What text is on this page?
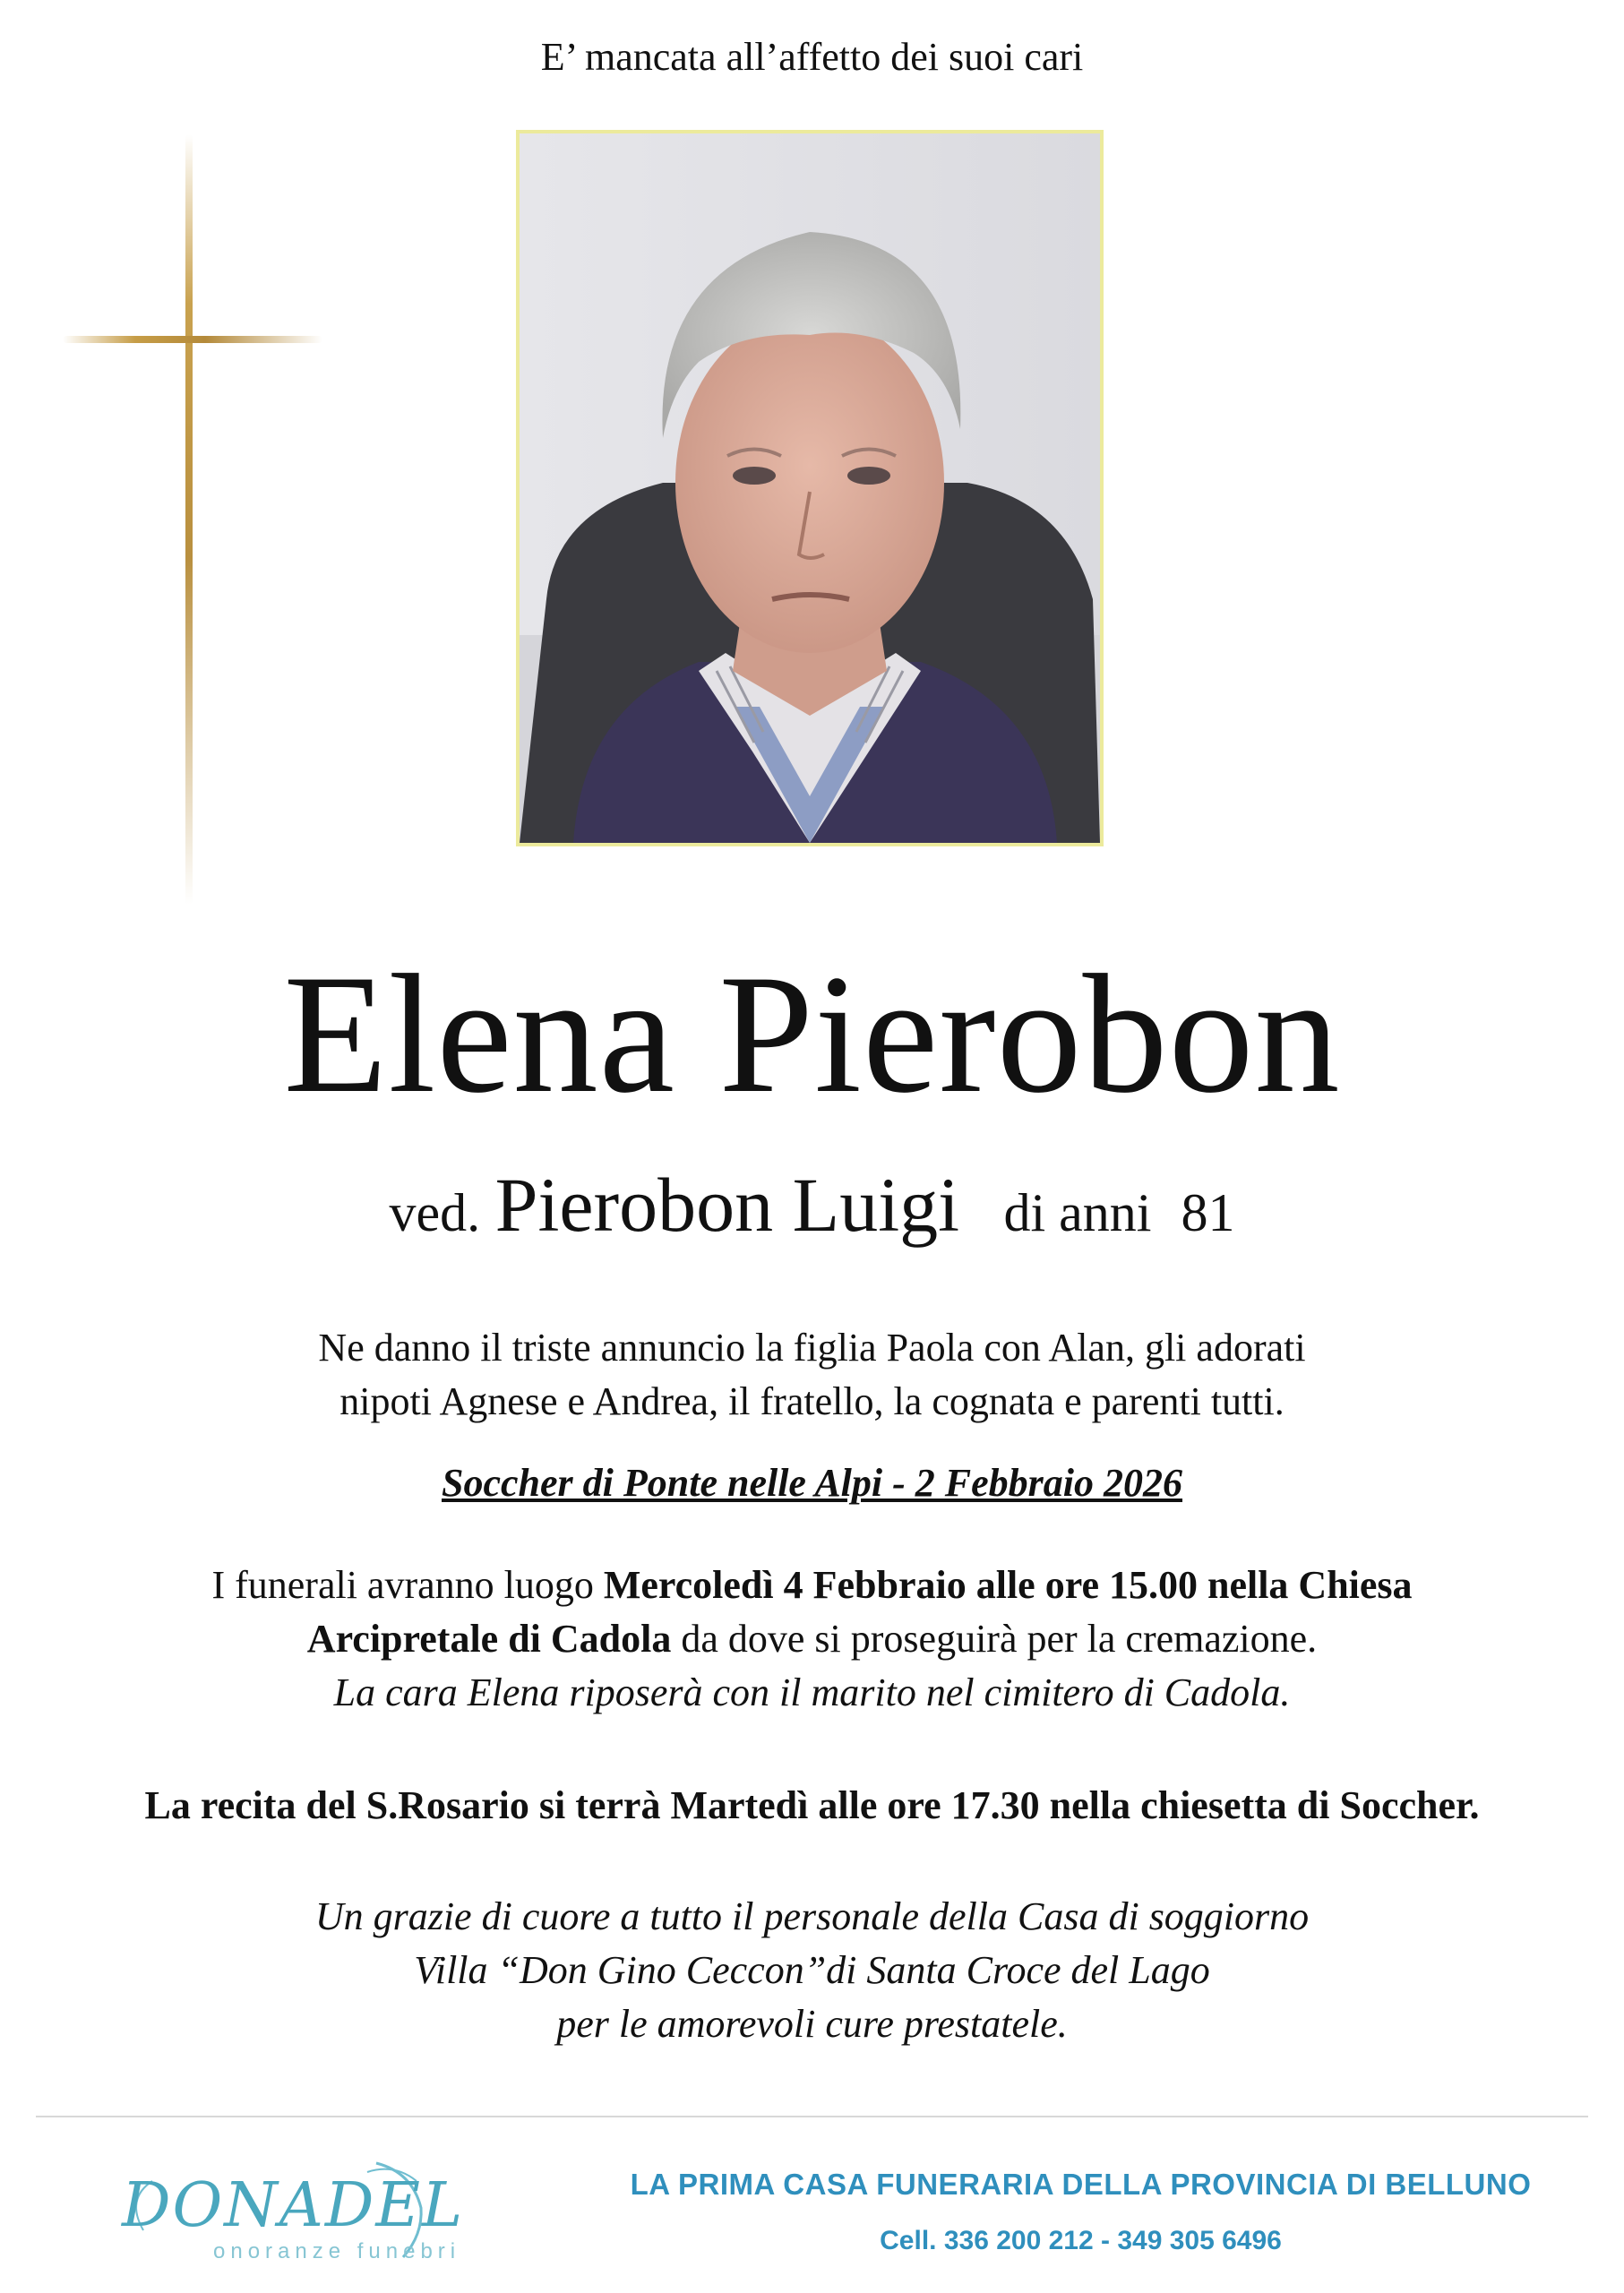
E’ mancata all’affetto dei suoi cari
Elena Pierobon
ved. Pierobon Luigi di anni 81
Ne danno il triste annuncio la figlia Paola con Alan, gli adorati
nipoti Agnese e Andrea, il fratello, la cognata e parenti tutti.
Soccher di Ponte nelle Alpi - 2 Febbraio 2026
I funerali avranno luogo Mercoledì 4 Febbraio alle ore 15.00 nella Chiesa
Arcipretale di Cadola da dove si proseguirà per la cremazione.
La cara Elena riposerà con il marito nel cimitero di Cadola.
La recita del S.Rosario si terrà Martedì alle ore 17.30 nella chiesetta di Soccher.
Un grazie di cuore a tutto il personale della Casa di soggiorno
Villa “Don Gino Ceccon”di Santa Croce del Lago
per le amorevoli cure prestatele.
DONADEL
onoranze funebri
LA PRIMA CASA FUNERARIA DELLA PROVINCIA DI BELLUNO
Cell. 336 200 212 - 349 305 6496
